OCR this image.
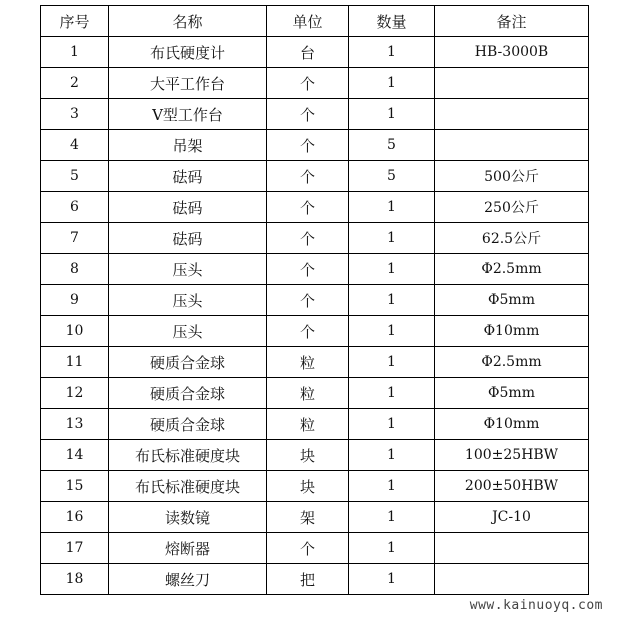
序号	名称	单位	数量	备注
1	布氏硬度计	台	1	HB-3000B
2	大平工作台	个	1	
3	V型工作台	个	1	
4	吊架	个	5	
5	砝码	个	5	500公斤
6	砝码	个	1	250公斤
7	砝码	个	1	62.5公斤
8	压头	个	1	Φ2.5mm
9	压头	个	1	Φ5mm
10	压头	个	1	Φ10mm
11	硬质合金球	粒	1	Φ2.5mm
12	硬质合金球	粒	1	Φ5mm
13	硬质合金球	粒	1	Φ10mm
14	布氏标准硬度块	块	1	100±25HBW
15	布氏标准硬度块	块	1	200±50HBW
16	读数镜	架	1	JC-10
17	熔断器	个	1	
18	螺丝刀	把	1	
www.kainuoyq.com
